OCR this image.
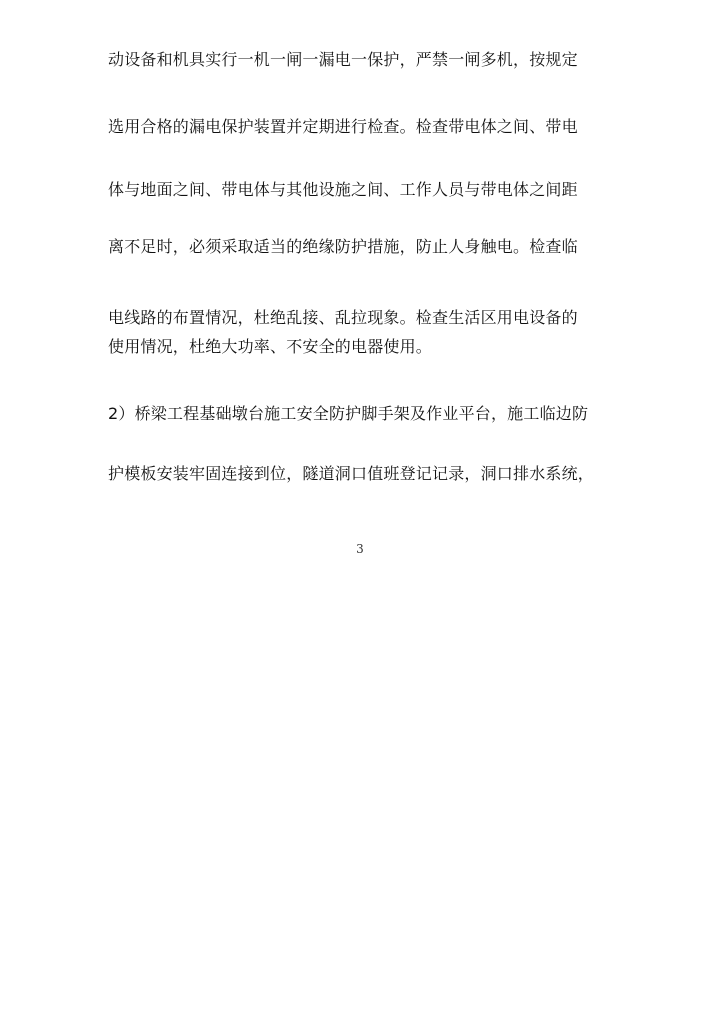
动设备和机具实行一机一闸一漏电一保护，严禁一闸多机，按规定
选用合格的漏电保护装置并定期进行检查。检查带电体之间、带电
体与地面之间、带电体与其他设施之间、工作人员与带电体之间距
离不足时，必须采取适当的绝缘防护措施，防止人身触电。检查临
电线路的布置情况，杜绝乱接、乱拉现象。检查生活区用电设备的
使用情况，杜绝大功率、不安全的电器使用。
2）桥梁工程基础墩台施工安全防护脚手架及作业平台，施工临边防
护模板安装牢固连接到位，隧道洞口值班登记记录，洞口排水系统，
3
